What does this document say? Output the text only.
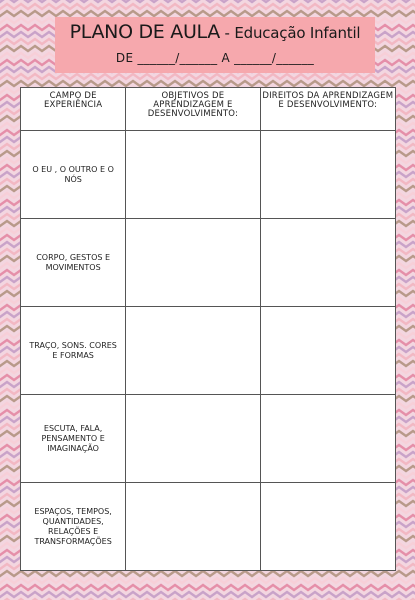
PLANO DE AULA - Educação Infantil
DE ______/______ A ______/______
CAMPO DE EXPERIÊNCIA	OBJETIVOS DE APRENDIZAGEM E DESENVOLVIMENTO:	DIREITOS DA APRENDIZAGEM E DESENVOLVIMENTO:
O EU , O OUTRO E O NÓS		
CORPO, GESTOS E MOVIMENTOS		
TRAÇO, SONS. CORES E FORMAS		
ESCUTA, FALA, PENSAMENTO E IMAGINAÇÃO		
ESPAÇOS, TEMPOS, QUANTIDADES, RELAÇÕES E TRANSFORMAÇÕES		
